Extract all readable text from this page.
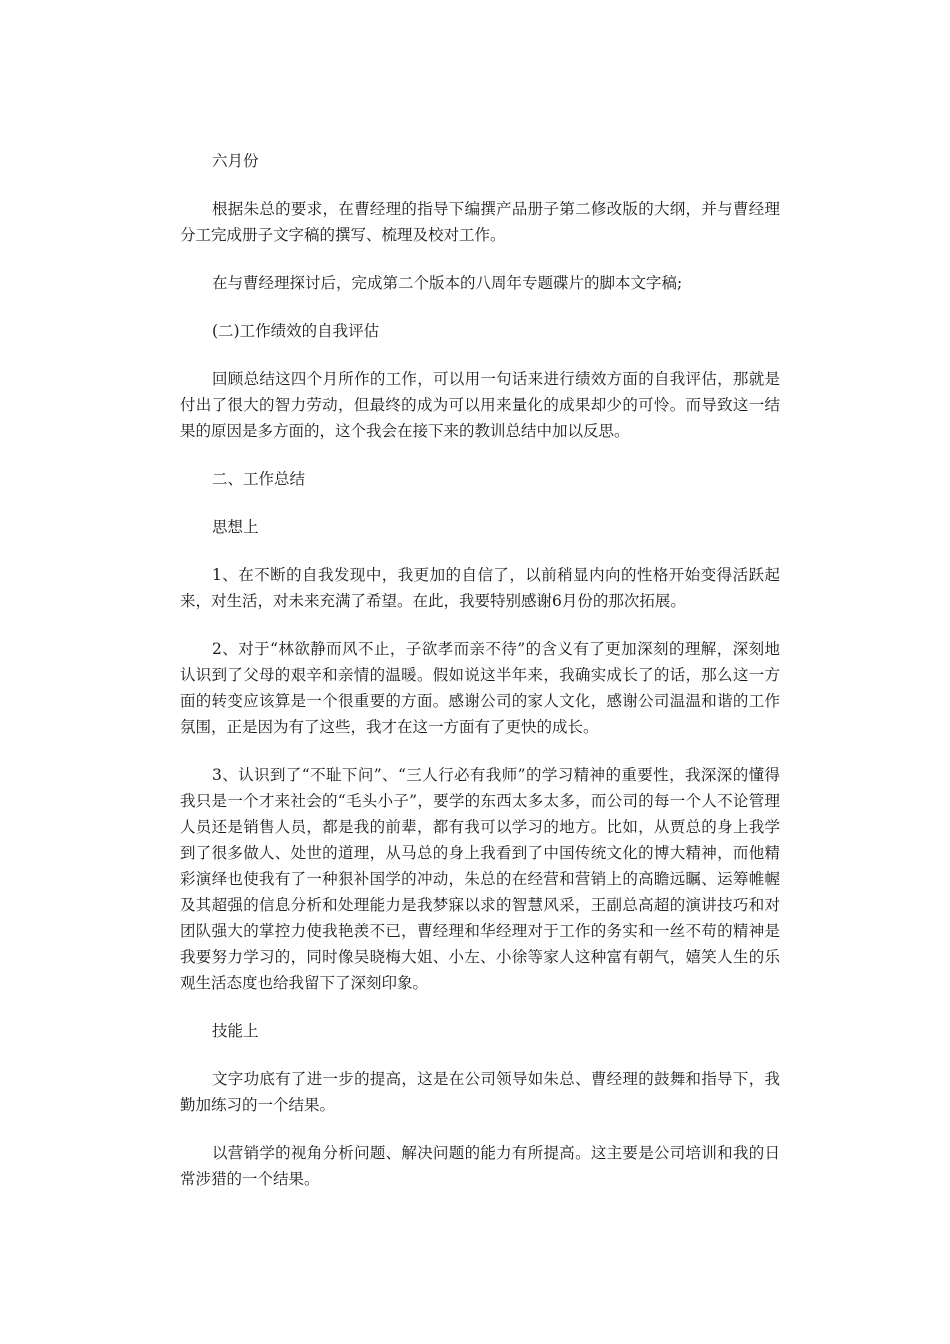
六月份

根据朱总的要求，在曹经理的指导下编撰产品册子第二修改版的大纲，并与曹经理分工完成册子文字稿的撰写、梳理及校对工作。

在与曹经理探讨后，完成第二个版本的八周年专题碟片的脚本文字稿;

(二)工作绩效的自我评估

回顾总结这四个月所作的工作，可以用一句话来进行绩效方面的自我评估，那就是付出了很大的智力劳动，但最终的成为可以用来量化的成果却少的可怜。而导致这一结果的原因是多方面的，这个我会在接下来的教训总结中加以反思。

二、工作总结

思想上

1、在不断的自我发现中，我更加的自信了，以前稍显内向的性格开始变得活跃起来，对生活，对未来充满了希望。在此，我要特别感谢6月份的那次拓展。

2、对于“林欲静而风不止，子欲孝而亲不待”的含义有了更加深刻的理解，深刻地认识到了父母的艰辛和亲情的温暖。假如说这半年来，我确实成长了的话，那么这一方面的转变应该算是一个很重要的方面。感谢公司的家人文化，感谢公司温温和谐的工作氛围，正是因为有了这些，我才在这一方面有了更快的成长。

3、认识到了“不耻下问”、“三人行必有我师”的学习精神的重要性，我深深的懂得我只是一个才来社会的“毛头小子”，要学的东西太多太多，而公司的每一个人不论管理人员还是销售人员，都是我的前辈，都有我可以学习的地方。比如，从贾总的身上我学到了很多做人、处世的道理，从马总的身上我看到了中国传统文化的博大精神，而他精彩演绎也使我有了一种狠补国学的冲动，朱总的在经营和营销上的高瞻远瞩、运筹帷幄及其超强的信息分析和处理能力是我梦寐以求的智慧风采，王副总高超的演讲技巧和对团队强大的掌控力使我艳羡不已，曹经理和华经理对于工作的务实和一丝不苟的精神是我要努力学习的，同时像吴晓梅大姐、小左、小徐等家人这种富有朝气，嬉笑人生的乐观生活态度也给我留下了深刻印象。

技能上

文字功底有了进一步的提高，这是在公司领导如朱总、曹经理的鼓舞和指导下，我勤加练习的一个结果。

以营销学的视角分析问题、解决问题的能力有所提高。这主要是公司培训和我的日常涉猎的一个结果。
